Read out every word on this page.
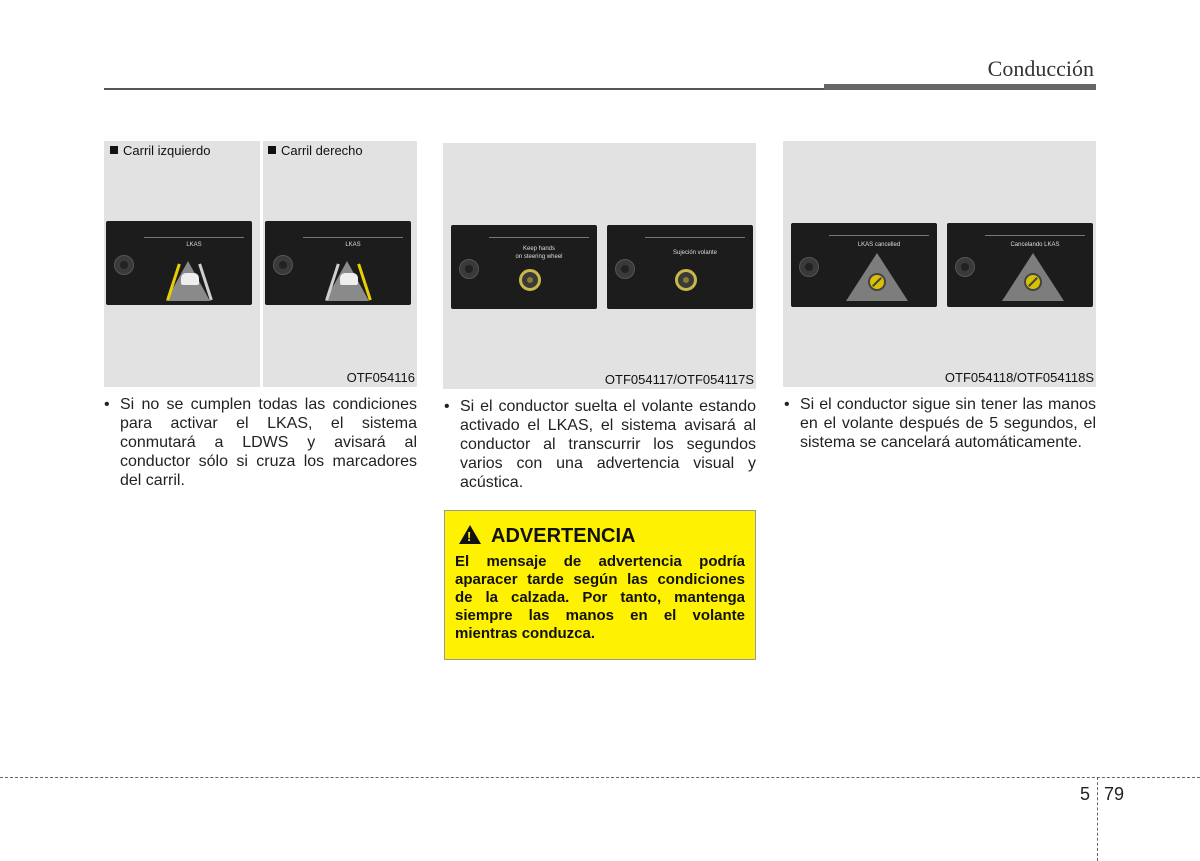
Conducción
Carril izquierdo	Carril derecho
LKAS	LKAS
OTF054116
Keep hands
on steering wheel
Sujeción volante
OTF054117/OTF054117S
LKAS cancelled	Cancelando LKAS
OTF054118/OTF054118S
• Si no se cumplen todas las condiciones para activar el LKAS, el sistema conmutará a LDWS y avisará al conductor sólo si cruza los marcadores del carril.
• Si el conductor suelta el volante estando activado el LKAS, el sistema avisará al conductor al transcurrir los segundos varios con una advertencia visual y acústica.
• Si el conductor sigue sin tener las manos en el volante después de 5 segundos, el sistema se cancelará automáticamente.
!ADVERTENCIA
El mensaje de advertencia podría aparacer tarde según las condiciones de la calzada. Por tanto, mantenga siempre las manos en el volante mientras conduzca.
5 79
